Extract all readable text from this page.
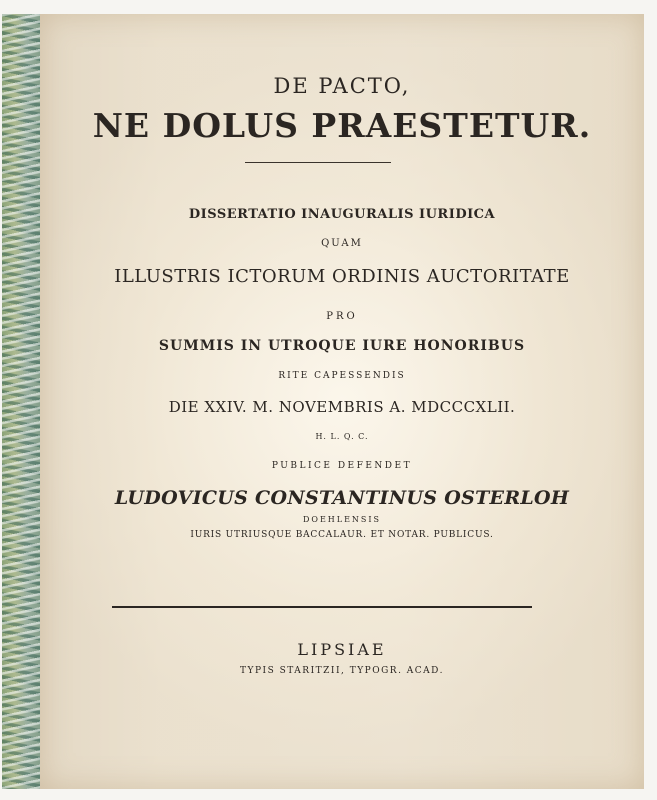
DE PACTO,
NE DOLUS PRAESTETUR.
DISSERTATIO INAUGURALIS IURIDICA
QUAM
ILLUSTRIS ICTORUM ORDINIS AUCTORITATE
PRO
SUMMIS IN UTROQUE IURE HONORIBUS
RITE CAPESSENDIS
DIE XXIV. M. NOVEMBRIS A. MDCCCXLII.
H. L. Q. C.
PUBLICE DEFENDET
LUDOVICUS CONSTANTINUS OSTERLOH
DOEHLENSIS
IURIS UTRIUSQUE BACCALAUR. ET NOTAR. PUBLICUS.
LIPSIAE
TYPIS STARITZII, TYPOGR. ACAD.
